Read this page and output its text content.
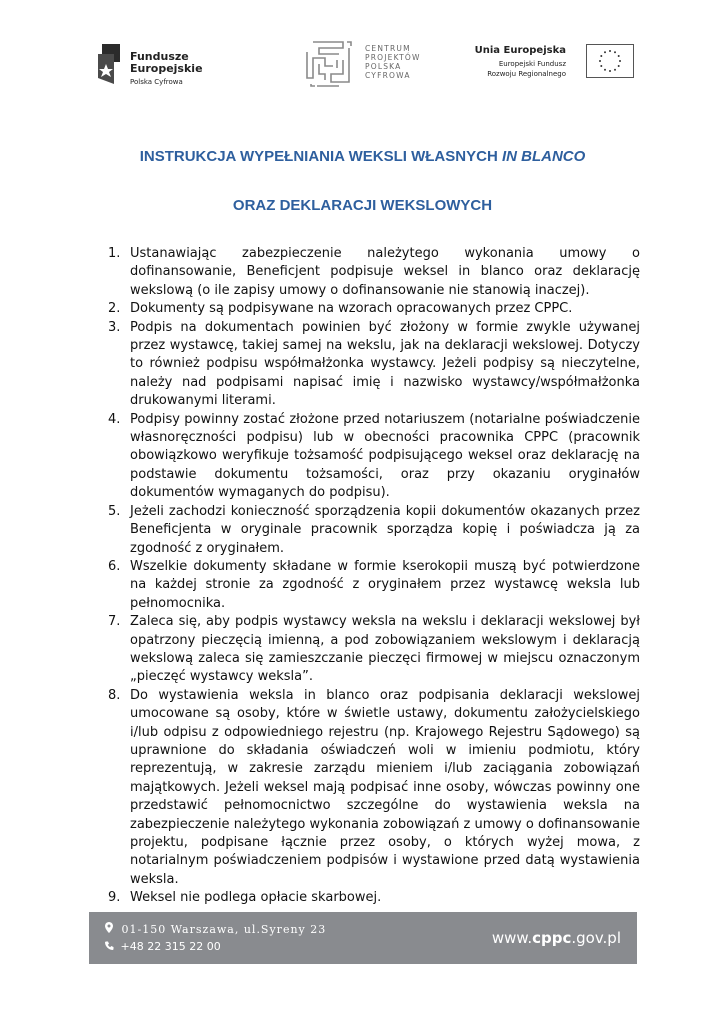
Fundusze
Europejskie
Polska Cyfrowa
CENTRUM
PROJEKTÓW
POLSKA
CYFROWA
Unia Europejska
Europejski Fundusz
Rozwoju Regionalnego
INSTRUKCJA WYPEŁNIANIA WEKSLI WŁASNYCH IN BLANCO
ORAZ DEKLARACJI WEKSLOWYCH
1. Ustanawiając zabezpieczenie należytego wykonania umowy o dofinansowanie, Beneficjent podpisuje weksel in blanco oraz deklarację wekslową (o ile zapisy umowy o dofinansowanie nie stanowią inaczej).
2. Dokumenty są podpisywane na wzorach opracowanych przez CPPC.
3. Podpis na dokumentach powinien być złożony w formie zwykle używanej przez wystawcę, takiej samej na wekslu, jak na deklaracji wekslowej. Dotyczy to również podpisu współmałżonka wystawcy. Jeżeli podpisy są nieczytelne, należy nad podpisami napisać imię i nazwisko wystawcy/współmałżonka drukowanymi literami.
4. Podpisy powinny zostać złożone przed notariuszem (notarialne poświadczenie własnoręczności podpisu) lub w obecności pracownika CPPC (pracownik obowiązkowo weryfikuje tożsamość podpisującego weksel oraz deklarację na podstawie dokumentu tożsamości, oraz przy okazaniu oryginałów dokumentów wymaganych do podpisu).
5. Jeżeli zachodzi konieczność sporządzenia kopii dokumentów okazanych przez Beneficjenta w oryginale pracownik sporządza kopię i poświadcza ją za zgodność z oryginałem.
6. Wszelkie dokumenty składane w formie kserokopii muszą być potwierdzone na każdej stronie za zgodność z oryginałem przez wystawcę weksla lub pełnomocnika.
7. Zaleca się, aby podpis wystawcy weksla na wekslu i deklaracji wekslowej był opatrzony pieczęcią imienną, a pod zobowiązaniem wekslowym i deklaracją wekslową zaleca się zamieszczanie pieczęci firmowej w miejscu oznaczonym „pieczęć wystawcy weksla”.
8. Do wystawienia weksla in blanco oraz podpisania deklaracji wekslowej umocowane są osoby, które w świetle ustawy, dokumentu założycielskiego i/lub odpisu z odpowiedniego rejestru (np. Krajowego Rejestru Sądowego) są uprawnione do składania oświadczeń woli w imieniu podmiotu, który reprezentują, w zakresie zarządu mieniem i/lub zaciągania zobowiązań majątkowych. Jeżeli weksel mają podpisać inne osoby, wówczas powinny one przedstawić pełnomocnictwo szczególne do wystawienia weksla na zabezpieczenie należytego wykonania zobowiązań z umowy o dofinansowanie projektu, podpisane łącznie przez osoby, o których wyżej mowa, z notarialnym poświadczeniem podpisów i wystawione przed datą wystawienia weksla.
9. Weksel nie podlega opłacie skarbowej.
01-150 Warszawa, ul.Syreny 23
+48 22 315 22 00	www.cppc.gov.pl
